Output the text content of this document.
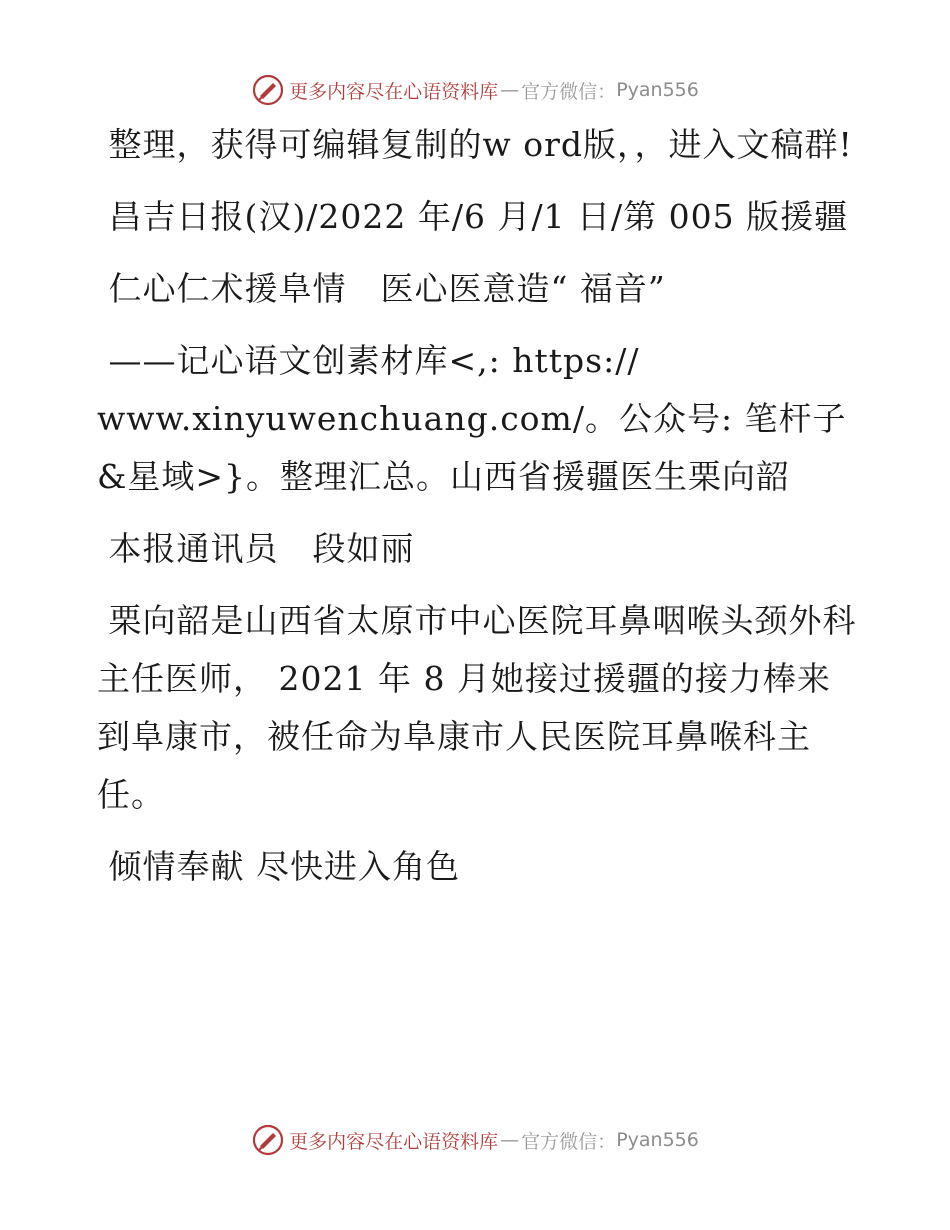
更多内容尽在心语资料库 — 官方微信： Pyan556

整理，获得可编辑复制的w ord版，，进入文稿群!

昌吉日报(汉)/2022 年/6 月/1 日/第 005 版援疆

仁心仁术援阜情　医心医意造“ 福音”

——记心语文创素材库<,: https://
www.xinyuwenchuang.com/。公众号: 笔杆子&星域>}。整理汇总。山西省援疆医生栗向韶

本报通讯员　段如丽

栗向韶是山西省太原市中心医院耳鼻咽喉头颈外科主任医师， 2021 年 8 月她接过援疆的接力棒来到阜康市，被任命为阜康市人民医院耳鼻喉科主任。

倾情奉献 尽快进入角色

更多内容尽在心语资料库 — 官方微信： Pyan556
